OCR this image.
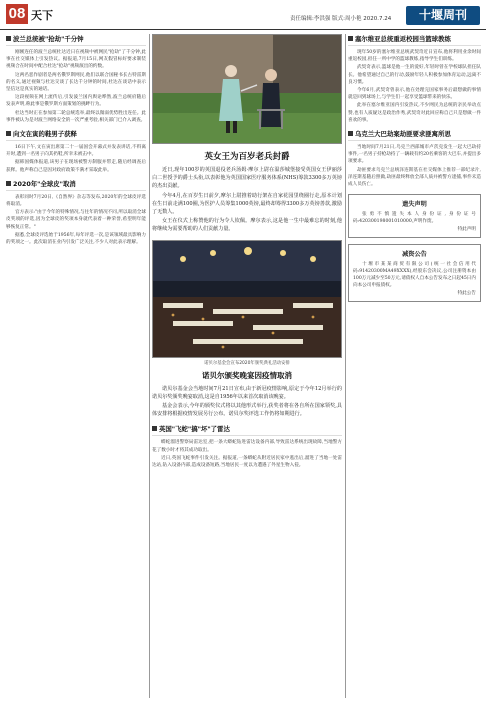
08 天下	责任编辑:李洪强 版式:周小艳 2020.7.24	十堰周刊
波兰总统被"抢劫"千分钟

刚刚连任的波兰总统杜达近日在视频中被网民"抢劫"了千分钟,此事在社交媒体上引发热议。据报道,7月15日,网友假冒标好要求制装视频合在时间中配合杜达"抢劫"视频演出的约数。

这两名恶作剧者是两名俄罗斯网民,他们以联合国秘书长古特雷斯的名义,通过视频与杜达交谈了长达千分钟的时间,杜达在谈话中表示坚信这是真实的通话。

这段视频在网上流传后,引发波兰国内舆论哗然,波兰总统府随后发表声明,称此事是俄罗斯方面策划的挑衅行为。

杜达当时正在参加第二轮总统选举,最终以微弱优势胜出连任。此事件被认为是对波兰网络安全的一次严重考验,相关部门已介入调查。

向文在寅的鞋男子获释

16日下午,文在寅出席第二十一届国会开幕式并发表讲话,不料离开时,遭到一名男子向其扔鞋,所幸未被击中。

据韩国媒体报道,该男子在现场被警方制服并带走,随后经调查后获释。他声称自己是因对政府政策不满才采取此举。

2020年"全球皮"取消

表彰同时7月20日,《自然界》杂志等发布,2020年的全球皮评选将取消。

官方表示:"由于今年的特殊情况,与往年的情况不同,所以取消全球皮奖项的评选,因为全球皮的奖项本身就代表着一种荣誉,希望明年能够恢复正常。"

据悉,全球皮评选始于1956年,每年评选一次,是该领域最具影响力的奖项之一。此次取消在业内引发广泛关注,不少人对此表示理解。

英女王为百岁老兵封爵

近日,现年100岁的英国退役老兵汤姆·摩尔上尉在温莎城堡接受英国女王伊丽莎白二世授予的爵士头衔,以表彰他为英国国家医疗服务体系(NHS)筹款3300多万英镑的杰出贡献。

今年4月,在百岁生日前夕,摩尔上尉推着助行架在自家花园里绕圈行走,原本计划在生日前走满100圈,为医护人员筹集1000英镑,最终却筹得3300多万英镑善款,激励了无数人。

女王在仪式上称赞他的行为令人钦佩。摩尔表示,这是他一生中最难忘的时刻,他将继续为需要帮助的人们贡献力量。

诺贝尔基金会宣布2020年颁奖典礼活动安排
诺贝尔颁奖晚宴因疫情取消

诺贝尔基金会当地时间7月21日宣布,由于新冠疫情影响,原定于今年12月举行的诺贝尔奖颁奖晚宴取消,这是自1956年以来首次取消该晚宴。

基金会表示,今年的颁奖仪式将以其他形式举行,获奖者将在各自所在国家领奖,具体安排将根据疫情发展另行公布。诺贝尔奖评选工作仍将如期进行。

英国"飞蛇"搞"坏"了雷达

蟒蛇溜进警察局雷达室,把一条大蟒蛇钻进雷达设备内部,导致雷达系统出现故障,当地警方花了数小时才将其成功取出。

近日,英国飞蛇事件引发关注。据报道,一条蟒蛇从附近居民家中逃出后,溜进了当地一处雷达站,钻入设备内部,造成设备短路,当地居民一度以为遭遇了外星生物入侵。

塞尔维亚总统重返校园当篮球教练

现年50岁的塞尔维亚总统武契奇近日宣布,他将利用业余时间重返校园,担任一所中学的篮球教练,指导学生们训练。

武契奇表示,篮球是他一生的爱好,年轻时曾在学校球队担任队长。他希望通过自己的行动,鼓励年轻人积极参加体育运动,远离不良习惯。

今年6月,武契奇曾表示,他在处理完国家事务后最想做的事情就是回到球场上,与学生们一起享受篮球带来的快乐。

此举在塞尔维亚国内引发热议,不少网民为总统的亲民举动点赞,也有人质疑这是政治作秀,武契奇对此回应称自己只是想做一件喜欢的事。

乌克兰大巴劫案劫匪要求匪寓所思

当地时间7月21日,乌克兰西部城市卢茨克发生一起大巴劫持事件,一名男子持枪劫持了一辆载有约20名乘客的大巴车,并提出多项要求。

劫匪要求乌克兰总统泽连斯基在社交媒体上推荐一部纪录片,泽连斯基随后照做,劫匪最终释放全部人质并被警方逮捕,事件未造成人员伤亡。

遗失声明

张勇不慎遗失本人身份证,身份证号码:420300198001010000,声明作废。

特此声明

减资公告

十堰市某某商贸有限公司(统一社会信用代码:91420300MA49XXXX),经股东会决议,公司注册资本由100万元减少至50万元,请债权人自本公告发布之日起45日内向本公司申报债权。

特此公告
